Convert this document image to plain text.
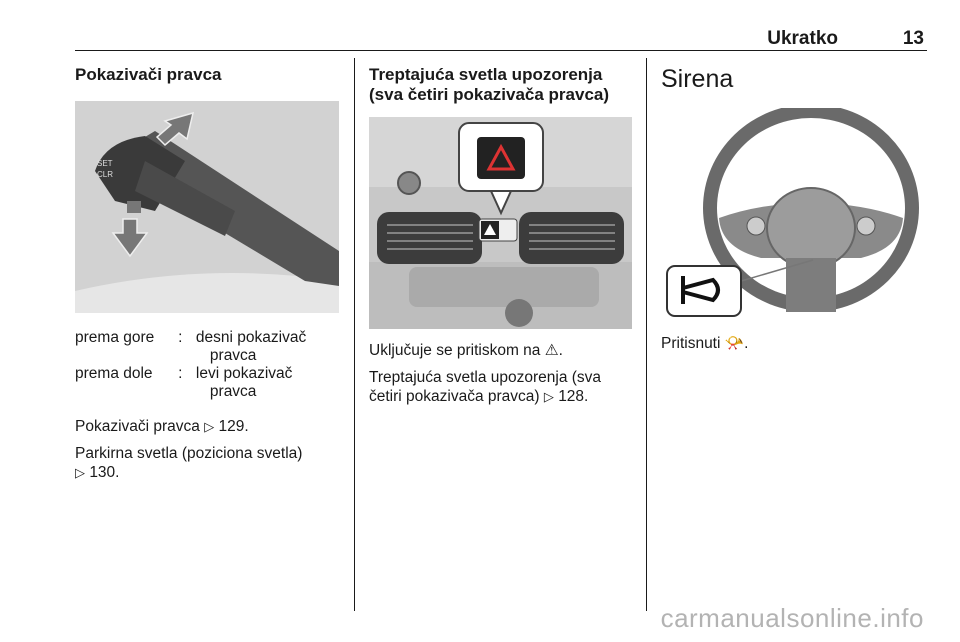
Ukratko	13
Pokazivači pravca
SET
CLR
prema gore	:	desni pokazivač pravca
prema dole	:	levi pokazivač pravca

Pokazivači pravca ▷ 129.

Parkirna svetla (poziciona svetla)
▷ 130.

Treptajuća svetla upozorenja (sva četiri pokazivača pravca)

Uključuje se pritiskom na ⚠.

Treptajuća svetla upozorenja (sva četiri pokazivača pravca) ▷ 128.

Sirena

Pritisnuti 📯.

carmanualsonline.info
